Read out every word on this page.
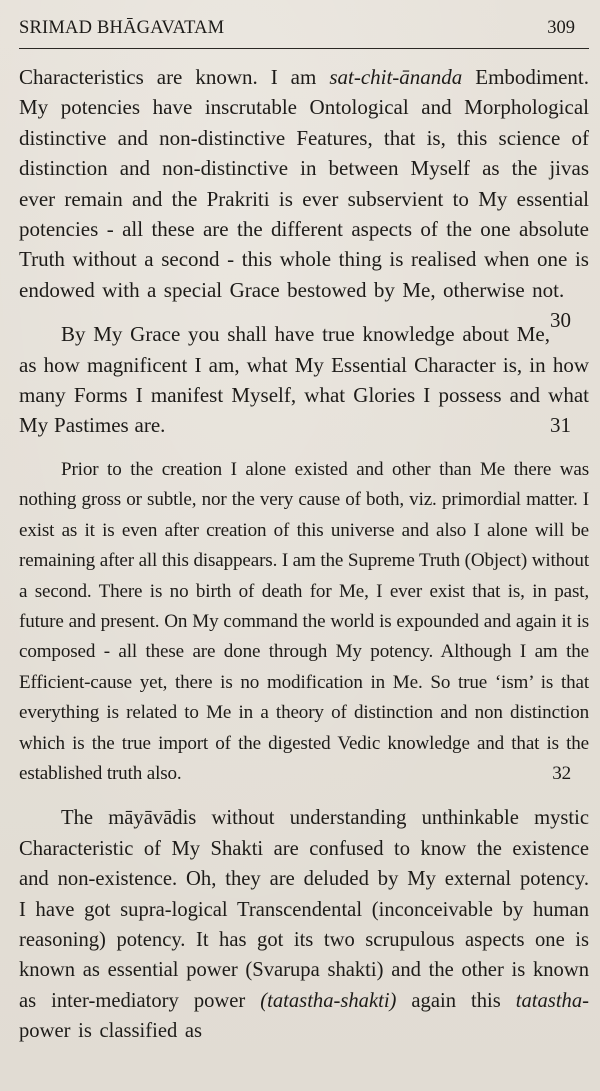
SRIMAD BHĀGAVATAM	309

Characteristics are known. I am sat-chit-ānanda Embodiment. My potencies have inscrutable Ontological and Morphological distinctive and non-distinctive Features, that is, this science of distinction and non-distinctive in between Myself as the jivas ever remain and the Prakriti is ever subservient to My essential potencies - all these are the different aspects of the one absolute Truth without a second - this whole thing is realised when one is endowed with a special Grace bestowed by Me, otherwise not.
30

By My Grace you shall have true knowledge about Me, as how magnificent I am, what My Essential Character is, in how many Forms I manifest Myself, what Glories I possess and what My Pastimes are.	31

Prior to the creation I alone existed and other than Me there was nothing gross or subtle, nor the very cause of both, viz. primordial matter. I exist as it is even after creation of this universe and also I alone will be remaining after all this disappears. I am the Supreme Truth (Object) without a second. There is no birth of death for Me, I ever exist that is, in past, future and present. On My command the world is expounded and again it is composed - all these are done through My potency. Although I am the Efficient-cause yet, there is no modification in Me. So true ‘ism’ is that everything is related to Me in a theory of distinction and non distinction which is the true import of the digested Vedic knowledge and that is the established truth also.	32

The māyāvādis without understanding unthinkable mystic Characteristic of My Shakti are confused to know the existence and non-existence. Oh, they are deluded by My external potency. I have got supra-logical Transcendental (inconceivable by human reasoning) potency. It has got its two scrupulous aspects one is known as essential power (Svarupa shakti) and the other is known as inter-mediatory power (tatastha-shakti) again this tatastha-power is classified as
